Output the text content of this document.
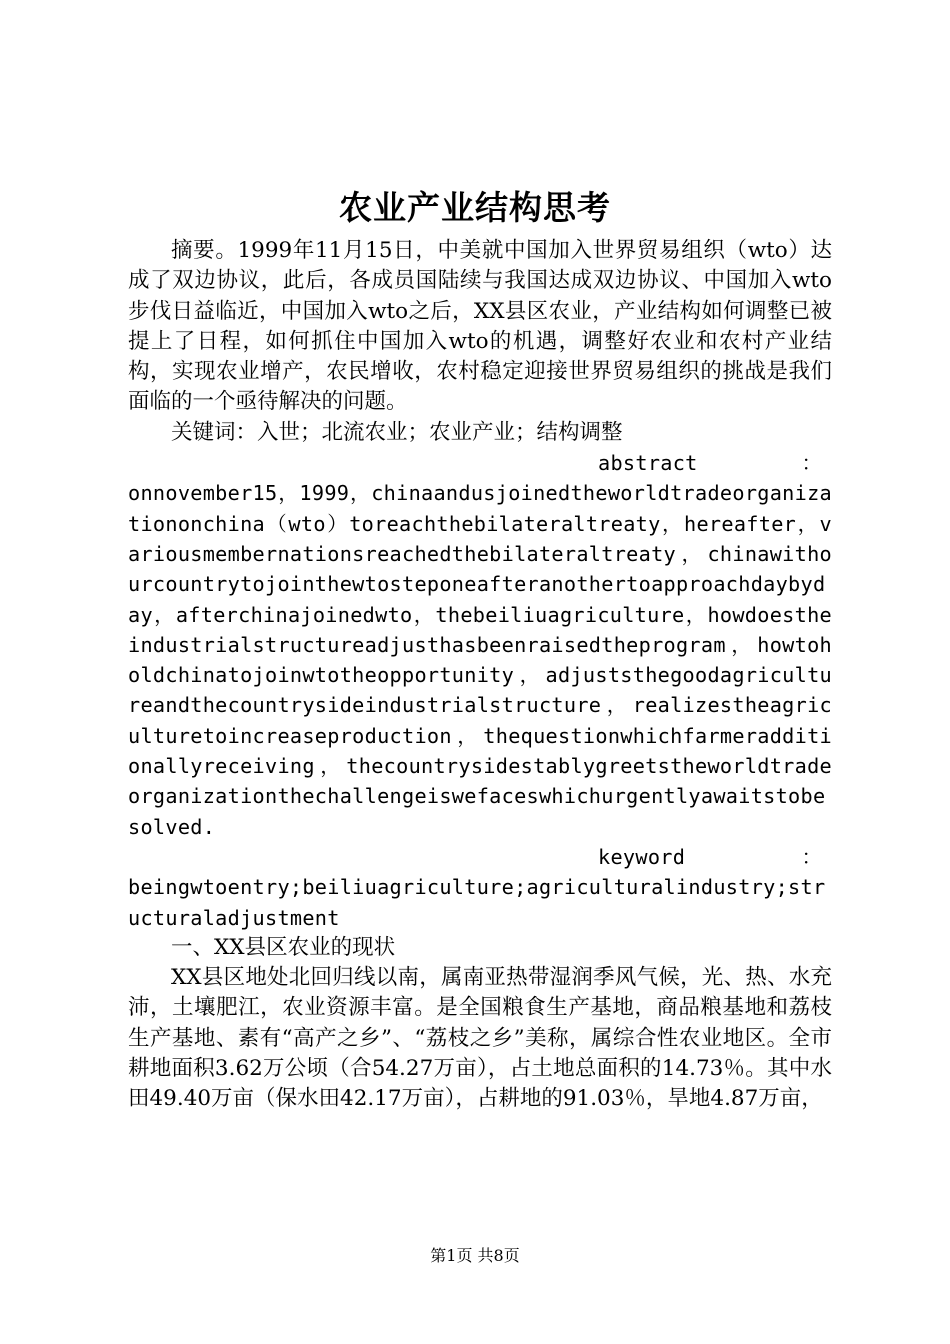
农业产业结构思考

摘要。1999年11月15日，中美就中国加入世界贸易组织（wto）达成了双边协议，此后，各成员国陆续与我国达成双边协议、中国加入wto步伐日益临近，中国加入wto之后，XX县区农业，产业结构如何调整已被提上了日程，如何抓住中国加入wto的机遇，调整好农业和农村产业结构，实现农业增产，农民增收，农村稳定迎接世界贸易组织的挑战是我们面临的一个亟待解决的问题。

关键词：入世；北流农业；农业产业；结构调整

abstract	：

onnovember15，1999，chinaandusjoinedtheworldtradeorganizationonchina（wto）toreachthebilateraltreaty，hereafter，variousmembernationsreachedthebilateraltreaty，chinawithourcountrytojointhewtosteponeafteranothertoapproachdaybyday，afterchinajoinedwto，thebeiliuagriculture，howdoestheindustrialstructureadjusthasbeenraisedtheprogram，howtoholdchinatojoinwtotheopportunity，adjuststhegoodagricultureandthecountrysideindustrialstructure，realizestheagriculturetoincreaseproduction，thequestionwhichfarmeradditionallyreceiving，thecountrysidestablygreetstheworldtradeorganizationthechallengeiswefaceswhichurgentlyawaitstobesolved.

keyword	：

beingwtoentry;beiliuagriculture;agriculturalindustry;structuraladjustment

一、XX县区农业的现状

XX县区地处北回归线以南，属南亚热带湿润季风气候，光、热、水充沛，土壤肥江，农业资源丰富。是全国粮食生产基地，商品粮基地和荔枝生产基地、素有“高产之乡”、“荔枝之乡”美称，属综合性农业地区。全市耕地面积3.62万公顷（合54.27万亩），占土地总面积的14.73％。其中水田49.40万亩（保水田42.17万亩），占耕地的91.03％，旱地4.87万亩，

第1页 共8页
